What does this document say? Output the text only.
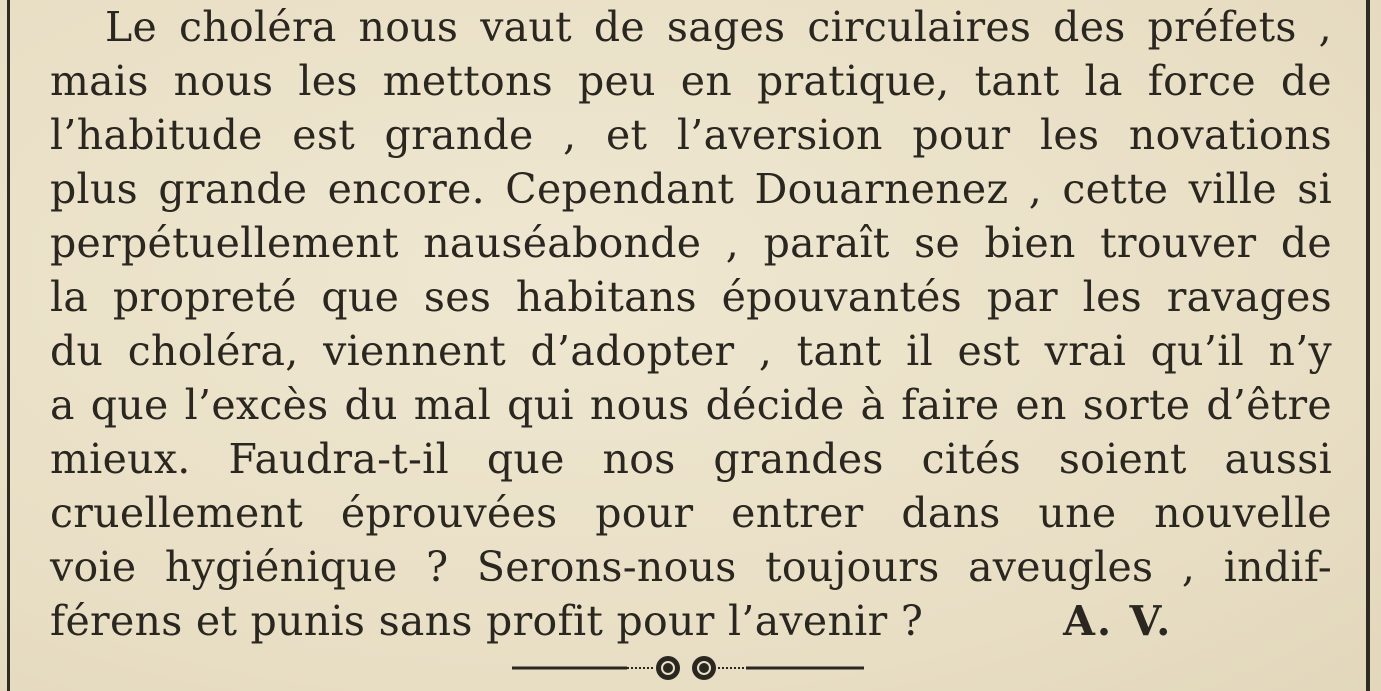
Le choléra nous vaut de sages circulaires des préfets ,
mais nous les mettons peu en pratique, tant la force de
l’habitude est grande , et l’aversion pour les novations
plus grande encore. Cependant Douarnenez , cette ville si
perpétuellement nauséabonde , paraît se bien trouver de
la propreté que ses habitans épouvantés par les ravages
du choléra, viennent d’adopter , tant il est vrai qu’il n’y
a que l’excès du mal qui nous décide à faire en sorte d’être
mieux. Faudra-t-il que nos grandes cités soient aussi
cruellement éprouvées pour entrer dans une nouvelle
voie hygiénique ? Serons-nous toujours aveugles , indif-
férens et punis sans profit pour l’avenir ?	A. V.
